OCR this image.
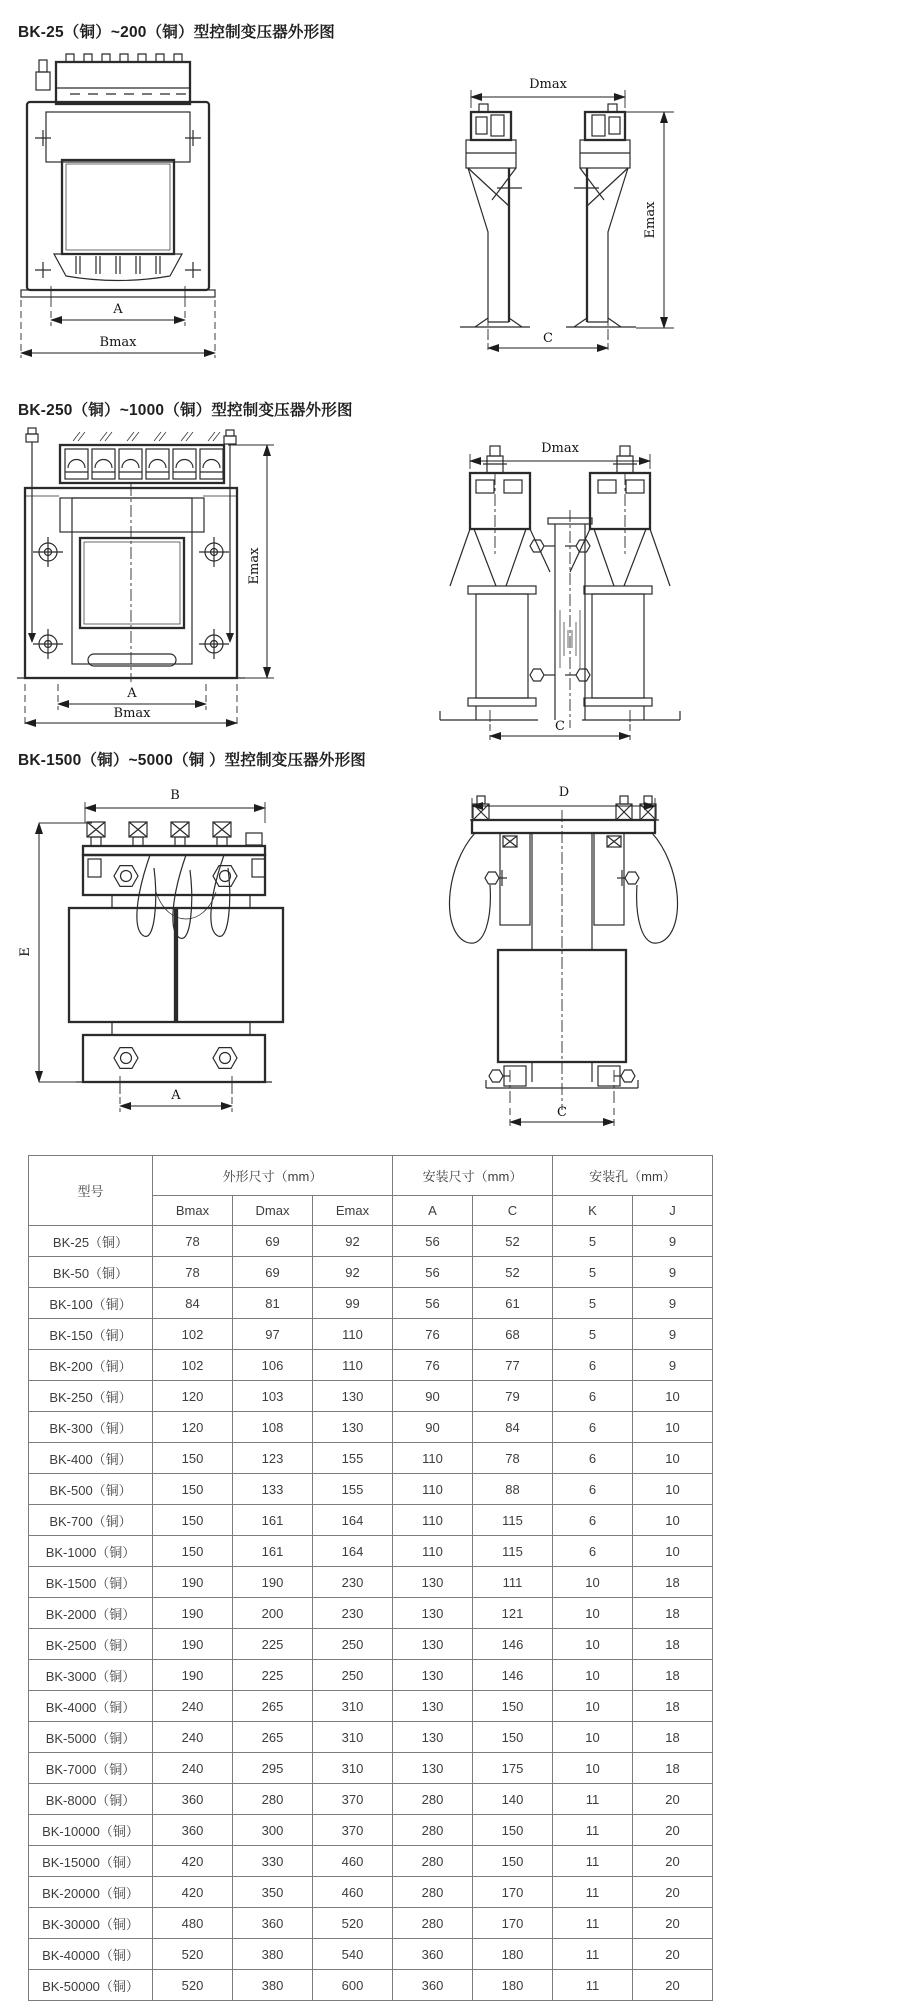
BK-25（铜）~200（铜）型控制变压器外形图
A
Bmax
Dmax
Emax
C
BK-250（铜）~1000（铜）型控制变压器外形图
A
Bmax
Emax
Dmax
C
BK-1500（铜）~5000（铜 ）型控制变压器外形图
B
E
A
D
C
型号	外形尺寸（mm）			安装尺寸（mm）		安装孔（mm）	
	Bmax	Dmax	Emax	A	C	K	J
BK-25（铜）	78	69	92	56	52	5	9
BK-50（铜）	78	69	92	56	52	5	9
BK-100（铜）	84	81	99	56	61	5	9
BK-150（铜）	102	97	110	76	68	5	9
BK-200（铜）	102	106	110	76	77	6	9
BK-250（铜）	120	103	130	90	79	6	10
BK-300（铜）	120	108	130	90	84	6	10
BK-400（铜）	150	123	155	110	78	6	10
BK-500（铜）	150	133	155	110	88	6	10
BK-700（铜）	150	161	164	110	115	6	10
BK-1000（铜）	150	161	164	110	115	6	10
BK-1500（铜）	190	190	230	130	111	10	18
BK-2000（铜）	190	200	230	130	121	10	18
BK-2500（铜）	190	225	250	130	146	10	18
BK-3000（铜）	190	225	250	130	146	10	18
BK-4000（铜）	240	265	310	130	150	10	18
BK-5000（铜）	240	265	310	130	150	10	18
BK-7000（铜）	240	295	310	130	175	10	18
BK-8000（铜）	360	280	370	280	140	11	20
BK-10000（铜）	360	300	370	280	150	11	20
BK-15000（铜）	420	330	460	280	150	11	20
BK-20000（铜）	420	350	460	280	170	11	20
BK-30000（铜）	480	360	520	280	170	11	20
BK-40000（铜）	520	380	540	360	180	11	20
BK-50000（铜）	520	380	600	360	180	11	20
